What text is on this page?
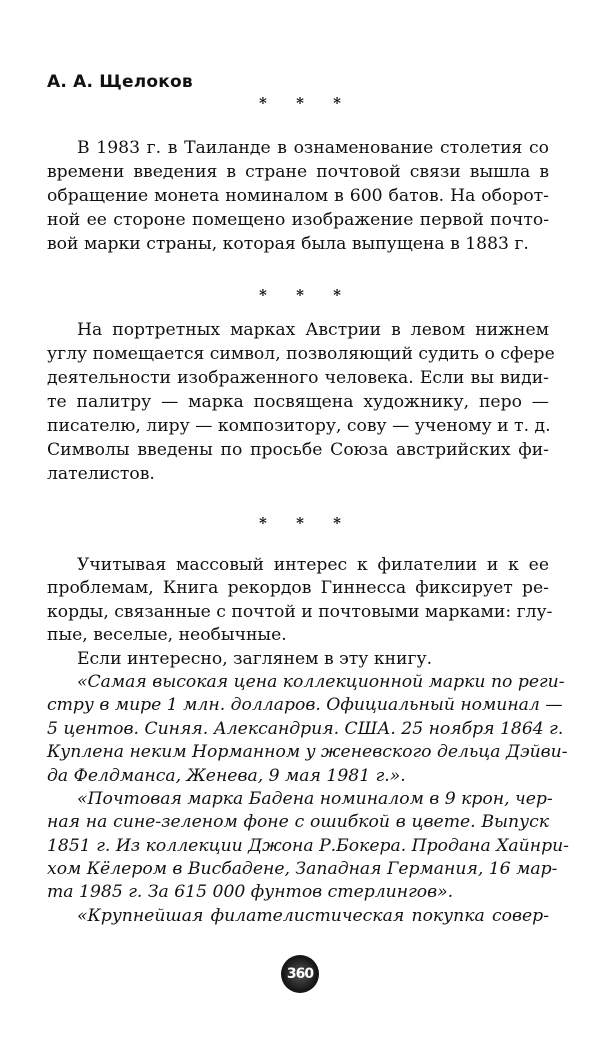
А. А. Щелоков
* * *
В 1983 г. в Таиланде в ознаменование столетия со
времени введения в стране почтовой связи вышла в
обращение монета номиналом в 600 батов. На оборот-
ной ее стороне помещено изображение первой почто-
вой марки страны, которая была выпущена в 1883 г.
* * *
На портретных марках Австрии в левом нижнем
углу помещается символ, позволяющий судить о сфере
деятельности изображенного человека. Если вы види-
те палитру — марка посвящена художнику, перо —
писателю, лиру — композитору, сову — ученому и т. д.
Символы введены по просьбе Союза австрийских фи-
лателистов.
* * *
Учитывая массовый интерес к филателии и к ее
проблемам, Книга рекордов Гиннесса фиксирует ре-
корды, связанные с почтой и почтовыми марками: глу-
пые, веселые, необычные.
Если интересно, заглянем в эту книгу.
«Самая высокая цена коллекционной марки по реги-
стру в мире 1 млн. долларов. Официальный номинал —
5 центов. Синяя. Александрия. США. 25 ноября 1864 г.
Куплена неким Норманном у женевского дельца Дэйви-
да Фелдманса, Женева, 9 мая 1981 г.».
«Почтовая марка Бадена номиналом в 9 крон, чер-
ная на сине-зеленом фоне с ошибкой в цвете. Выпуск
1851 г. Из коллекции Джона Р.Бокера. Продана Хайнри-
хом Кёлером в Висбадене, Западная Германия, 16 мар-
та 1985 г. За 615 000 фунтов стерлингов».
«Крупнейшая филателистическая покупка совер-
360
